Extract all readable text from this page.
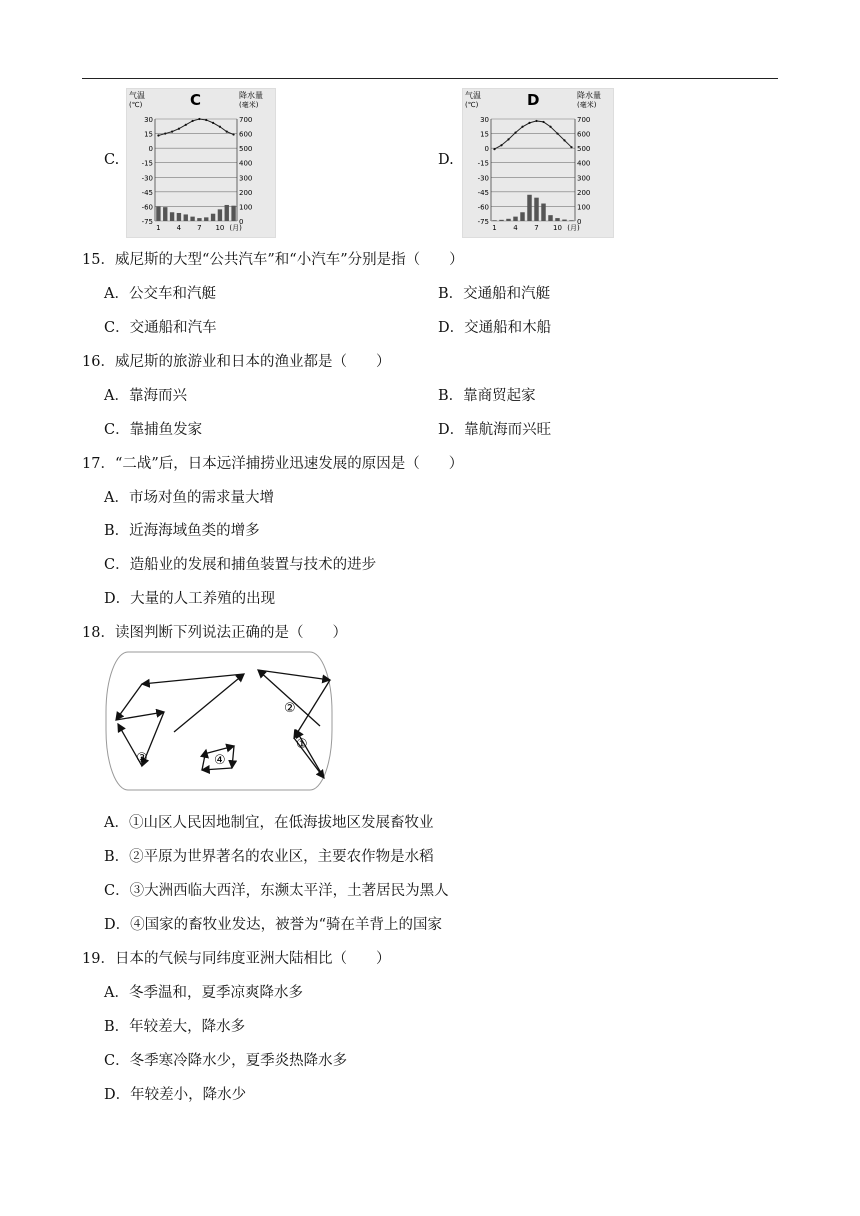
C.
气温
(℃)
降水量
(毫米)
C
30	700
15	600
0	500
-15	400
-30	300
-45	200
-60	100
-75	0
1 4 7 10 (月)
D.
气温
(℃)
降水量
(毫米)
D
30	700
15	600
0	500
-15	400
-30	300
-45	200
-60	100
-75	0
1 4 7 10 (月)
15．威尼斯的大型“公共汽车”和“小汽车”分别是指（　　）
A．公交车和汽艇	B．交通船和汽艇
C．交通船和汽车	D．交通船和木船
16．威尼斯的旅游业和日本的渔业都是（　　）
A．靠海而兴	B．靠商贸起家
C．靠捕鱼发家	D．靠航海而兴旺
17．“二战”后，日本远洋捕捞业迅速发展的原因是（　　）
A．市场对鱼的需求量大增
B．近海海域鱼类的增多
C．造船业的发展和捕鱼装置与技术的进步
D．大量的人工养殖的出现
18．读图判断下列说法正确的是（　　）
②
①
③	④
A．①山区人民因地制宜，在低海拔地区发展畜牧业
B．②平原为世界著名的农业区，主要农作物是水稻
C．③大洲西临大西洋，东濒太平洋，土著居民为黑人
D．④国家的畜牧业发达，被誉为“骑在羊背上的国家
19．日本的气候与同纬度亚洲大陆相比（　　）
A．冬季温和，夏季凉爽降水多
B．年较差大，降水多
C．冬季寒冷降水少，夏季炎热降水多
D．年较差小，降水少
